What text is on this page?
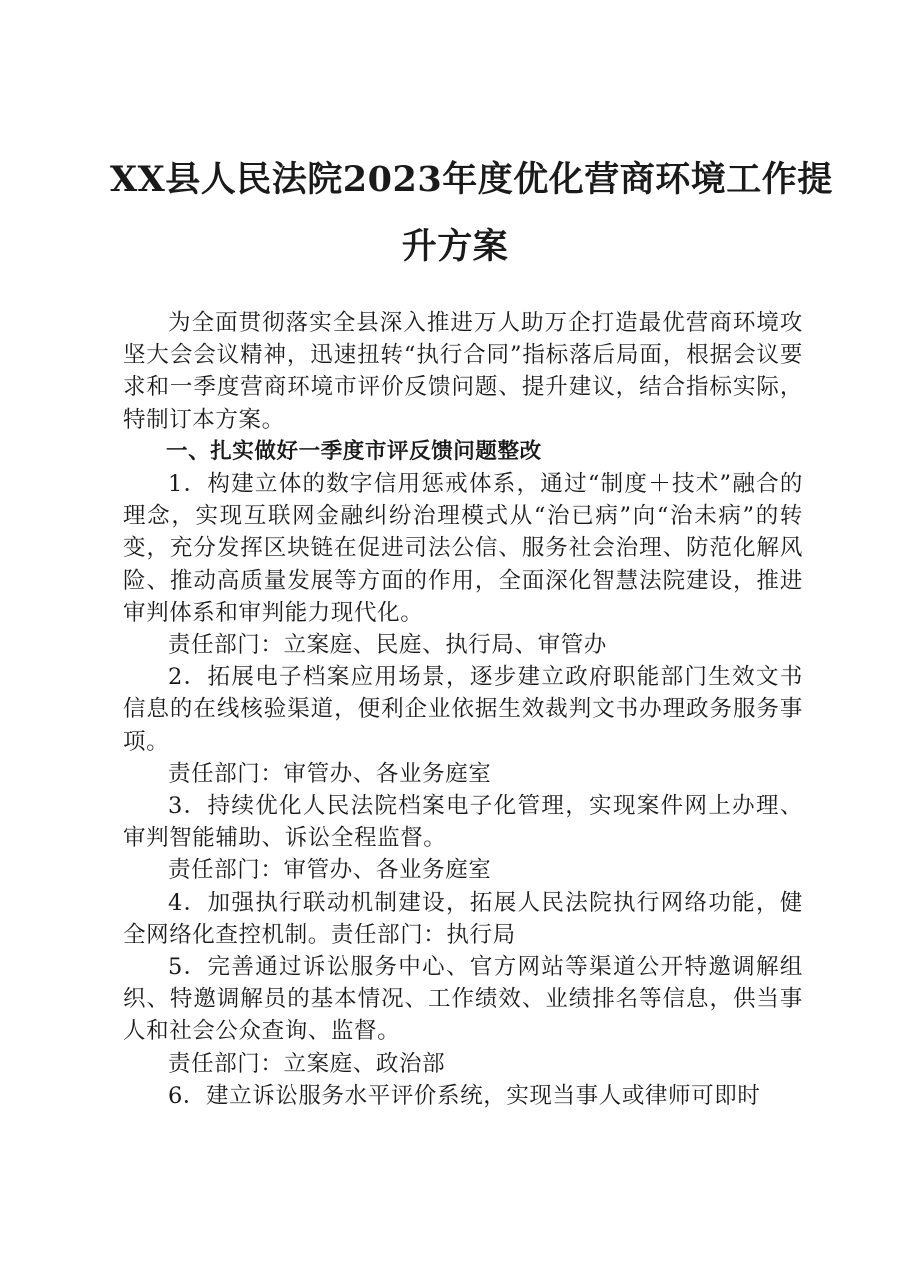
XX县人民法院2023年度优化营商环境工作提
升方案

为全面贯彻落实全县深入推进万人助万企打造最优营商环境攻坚大会会议精神，迅速扭转“执行合同”指标落后局面，根据会议要求和一季度营商环境市评价反馈问题、提升建议，结合指标实际，特制订本方案。

一、扎实做好一季度市评反馈问题整改

1．构建立体的数字信用惩戒体系，通过“制度＋技术”融合的理念，实现互联网金融纠纷治理模式从“治已病”向“治未病”的转变，充分发挥区块链在促进司法公信、服务社会治理、防范化解风险、推动高质量发展等方面的作用，全面深化智慧法院建设，推进审判体系和审判能力现代化。

责任部门：立案庭、民庭、执行局、审管办

2．拓展电子档案应用场景，逐步建立政府职能部门生效文书信息的在线核验渠道，便利企业依据生效裁判文书办理政务服务事项。

责任部门：审管办、各业务庭室

3．持续优化人民法院档案电子化管理，实现案件网上办理、审判智能辅助、诉讼全程监督。

责任部门：审管办、各业务庭室

4．加强执行联动机制建设，拓展人民法院执行网络功能，健全网络化查控机制。责任部门：执行局

5．完善通过诉讼服务中心、官方网站等渠道公开特邀调解组织、特邀调解员的基本情况、工作绩效、业绩排名等信息，供当事人和社会公众查询、监督。

责任部门：立案庭、政治部

6．建立诉讼服务水平评价系统，实现当事人或律师可即时
